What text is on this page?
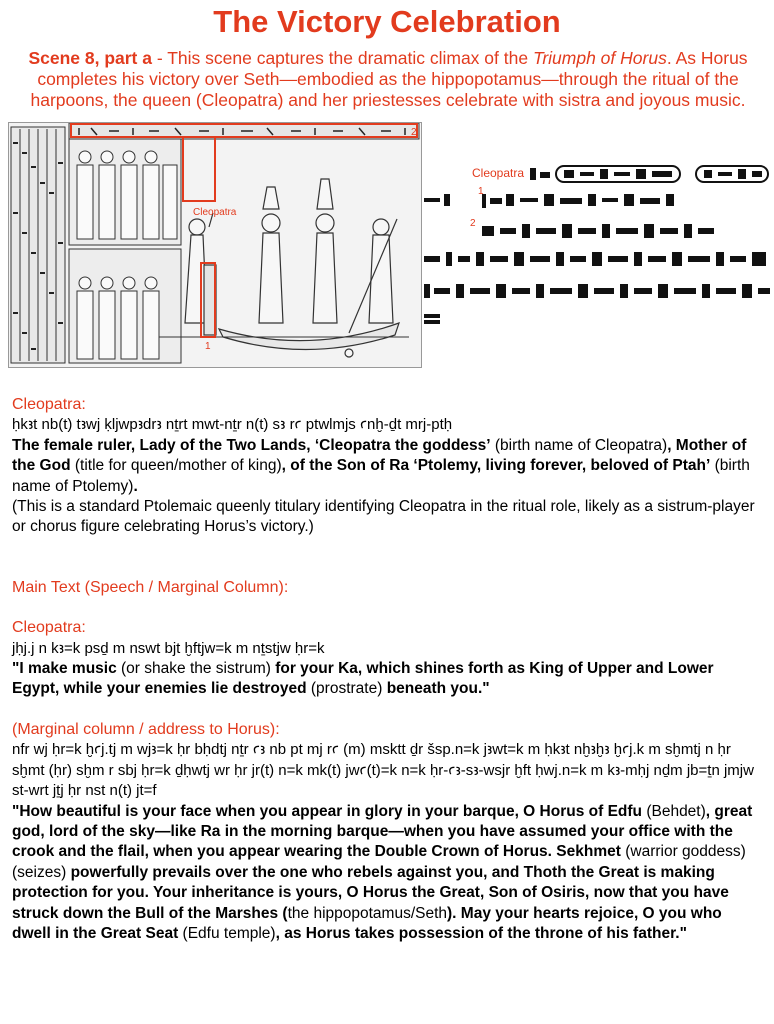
The Victory Celebration
Scene 8, part a - This scene captures the dramatic climax of the Triumph of Horus. As Horus completes his victory over Seth—embodied as the hippopotamus—through the ritual of the harpoons, the queen (Cleopatra) and her priestesses celebrate with sistra and joyous music.
Cleopatra
1
2
1
2
Cleopatra

Cleopatra:

ḥkꜣt nb(t) tꜣwj ḳljwpꜣdrꜣ nṯrt mwt-nṯr n(t) sꜣ rꜥ ptwlmjs ꜥnḫ-ḏt mrj-ptḥ

The female ruler, Lady of the Two Lands, ‘Cleopatra the goddess’ (birth name of Cleopatra), Mother of the God (title for queen/mother of king), of the Son of Ra ‘Ptolemy, living forever, beloved of Ptah’ (birth name of Ptolemy).

(This is a standard Ptolemaic queenly titulary identifying Cleopatra in the ritual role, likely as a sistrum-player or chorus figure celebrating Horus’s victory.)

Main Text (Speech / Marginal Column):

Cleopatra:

jḥj.j n kꜣ=k psḏ m nswt bjt ḫftjw=k m nṯstjw ḥr=k

"I make music (or shake the sistrum) for your Ka, which shines forth as King of Upper and Lower Egypt, while your enemies lie destroyed (prostrate) beneath you."

(Marginal column / address to Horus):

nfr wj ḥr=k ḫꜥj.tj m wjꜣ=k ḥr bḥdtj nṯr ꜥꜣ nb pt mj rꜥ (m) msktt ḏr šsp.n=k jꜣwt=k m ḥkꜣt nḫꜣḫꜣ ḫꜥj.k m sḫmtj n ḥr sḫmt (ḥr) sḫm r sbj ḥr=k ḏḥwtj wr ḥr jr(t) n=k mk(t) jwꜥ(t)=k n=k ḥr-ꜥꜣ-sꜣ-wsjr ḫft ḥwj.n=k m kꜣ-mḥj nḏm jb=ṯn jmjw st-wrt jṯj ḥr nst n(t) jt=f

"How beautiful is your face when you appear in glory in your barque, O Horus of Edfu (Behdet), great god, lord of the sky—like Ra in the morning barque—when you have assumed your office with the crook and the flail, when you appear wearing the Double Crown of Horus. Sekhmet (warrior goddess) (seizes) powerfully prevails over the one who rebels against you, and Thoth the Great is making protection for you. Your inheritance is yours, O Horus the Great, Son of Osiris, now that you have struck down the Bull of the Marshes (the hippopotamus/Seth). May your hearts rejoice, O you who dwell in the Great Seat (Edfu temple), as Horus takes possession of the throne of his father."
